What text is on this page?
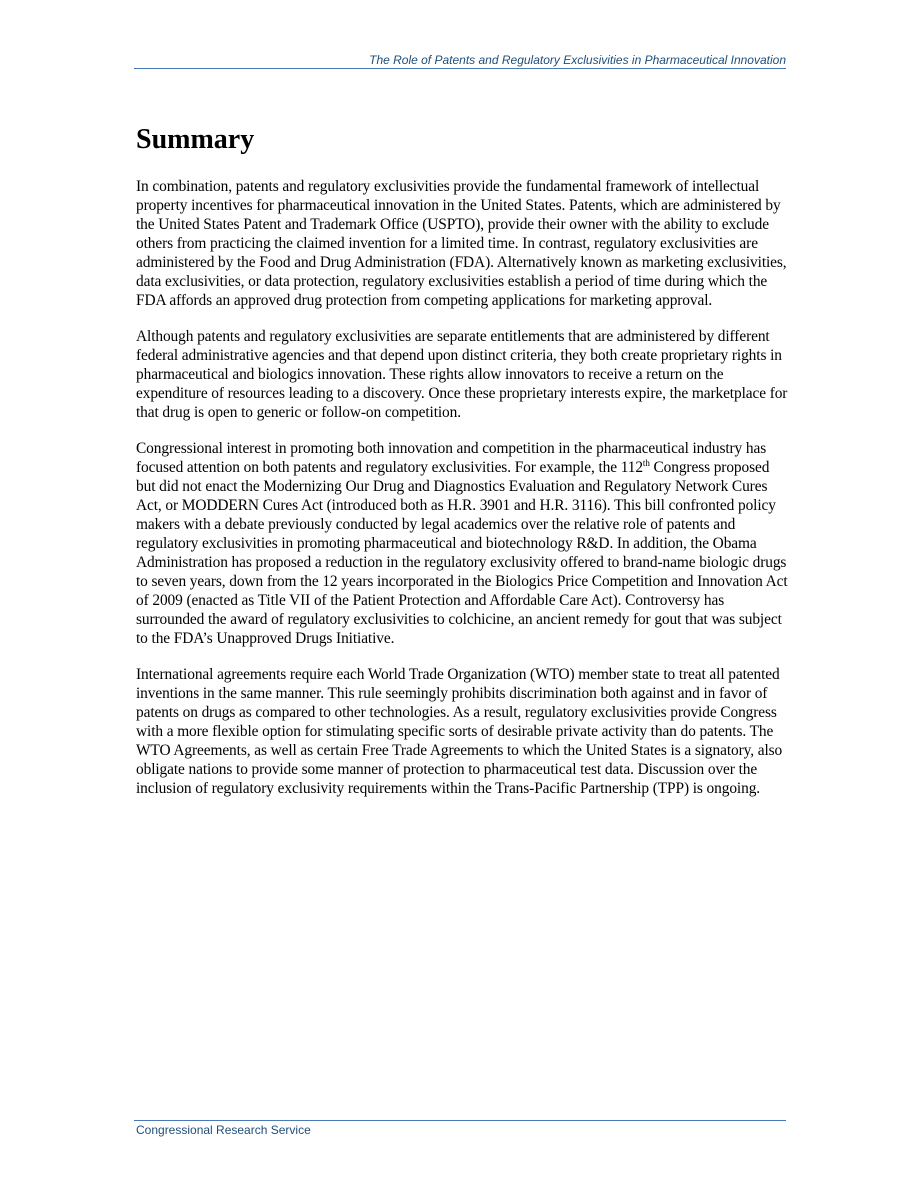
The Role of Patents and Regulatory Exclusivities in Pharmaceutical Innovation
Summary

In combination, patents and regulatory exclusivities provide the fundamental framework of intellectual property incentives for pharmaceutical innovation in the United States. Patents, which are administered by the United States Patent and Trademark Office (USPTO), provide their owner with the ability to exclude others from practicing the claimed invention for a limited time. In contrast, regulatory exclusivities are administered by the Food and Drug Administration (FDA). Alternatively known as marketing exclusivities, data exclusivities, or data protection, regulatory exclusivities establish a period of time during which the FDA affords an approved drug protection from competing applications for marketing approval.

Although patents and regulatory exclusivities are separate entitlements that are administered by different federal administrative agencies and that depend upon distinct criteria, they both create proprietary rights in pharmaceutical and biologics innovation. These rights allow innovators to receive a return on the expenditure of resources leading to a discovery. Once these proprietary interests expire, the marketplace for that drug is open to generic or follow-on competition.

Congressional interest in promoting both innovation and competition in the pharmaceutical industry has focused attention on both patents and regulatory exclusivities. For example, the 112th Congress proposed but did not enact the Modernizing Our Drug and Diagnostics Evaluation and Regulatory Network Cures Act, or MODDERN Cures Act (introduced both as H.R. 3901 and H.R. 3116). This bill confronted policy makers with a debate previously conducted by legal academics over the relative role of patents and regulatory exclusivities in promoting pharmaceutical and biotechnology R&D. In addition, the Obama Administration has proposed a reduction in the regulatory exclusivity offered to brand-name biologic drugs to seven years, down from the 12 years incorporated in the Biologics Price Competition and Innovation Act of 2009 (enacted as Title VII of the Patient Protection and Affordable Care Act). Controversy has surrounded the award of regulatory exclusivities to colchicine, an ancient remedy for gout that was subject to the FDA’s Unapproved Drugs Initiative.

International agreements require each World Trade Organization (WTO) member state to treat all patented inventions in the same manner. This rule seemingly prohibits discrimination both against and in favor of patents on drugs as compared to other technologies. As a result, regulatory exclusivities provide Congress with a more flexible option for stimulating specific sorts of desirable private activity than do patents. The WTO Agreements, as well as certain Free Trade Agreements to which the United States is a signatory, also obligate nations to provide some manner of protection to pharmaceutical test data. Discussion over the inclusion of regulatory exclusivity requirements within the Trans-Pacific Partnership (TPP) is ongoing.

Congressional Research Service
